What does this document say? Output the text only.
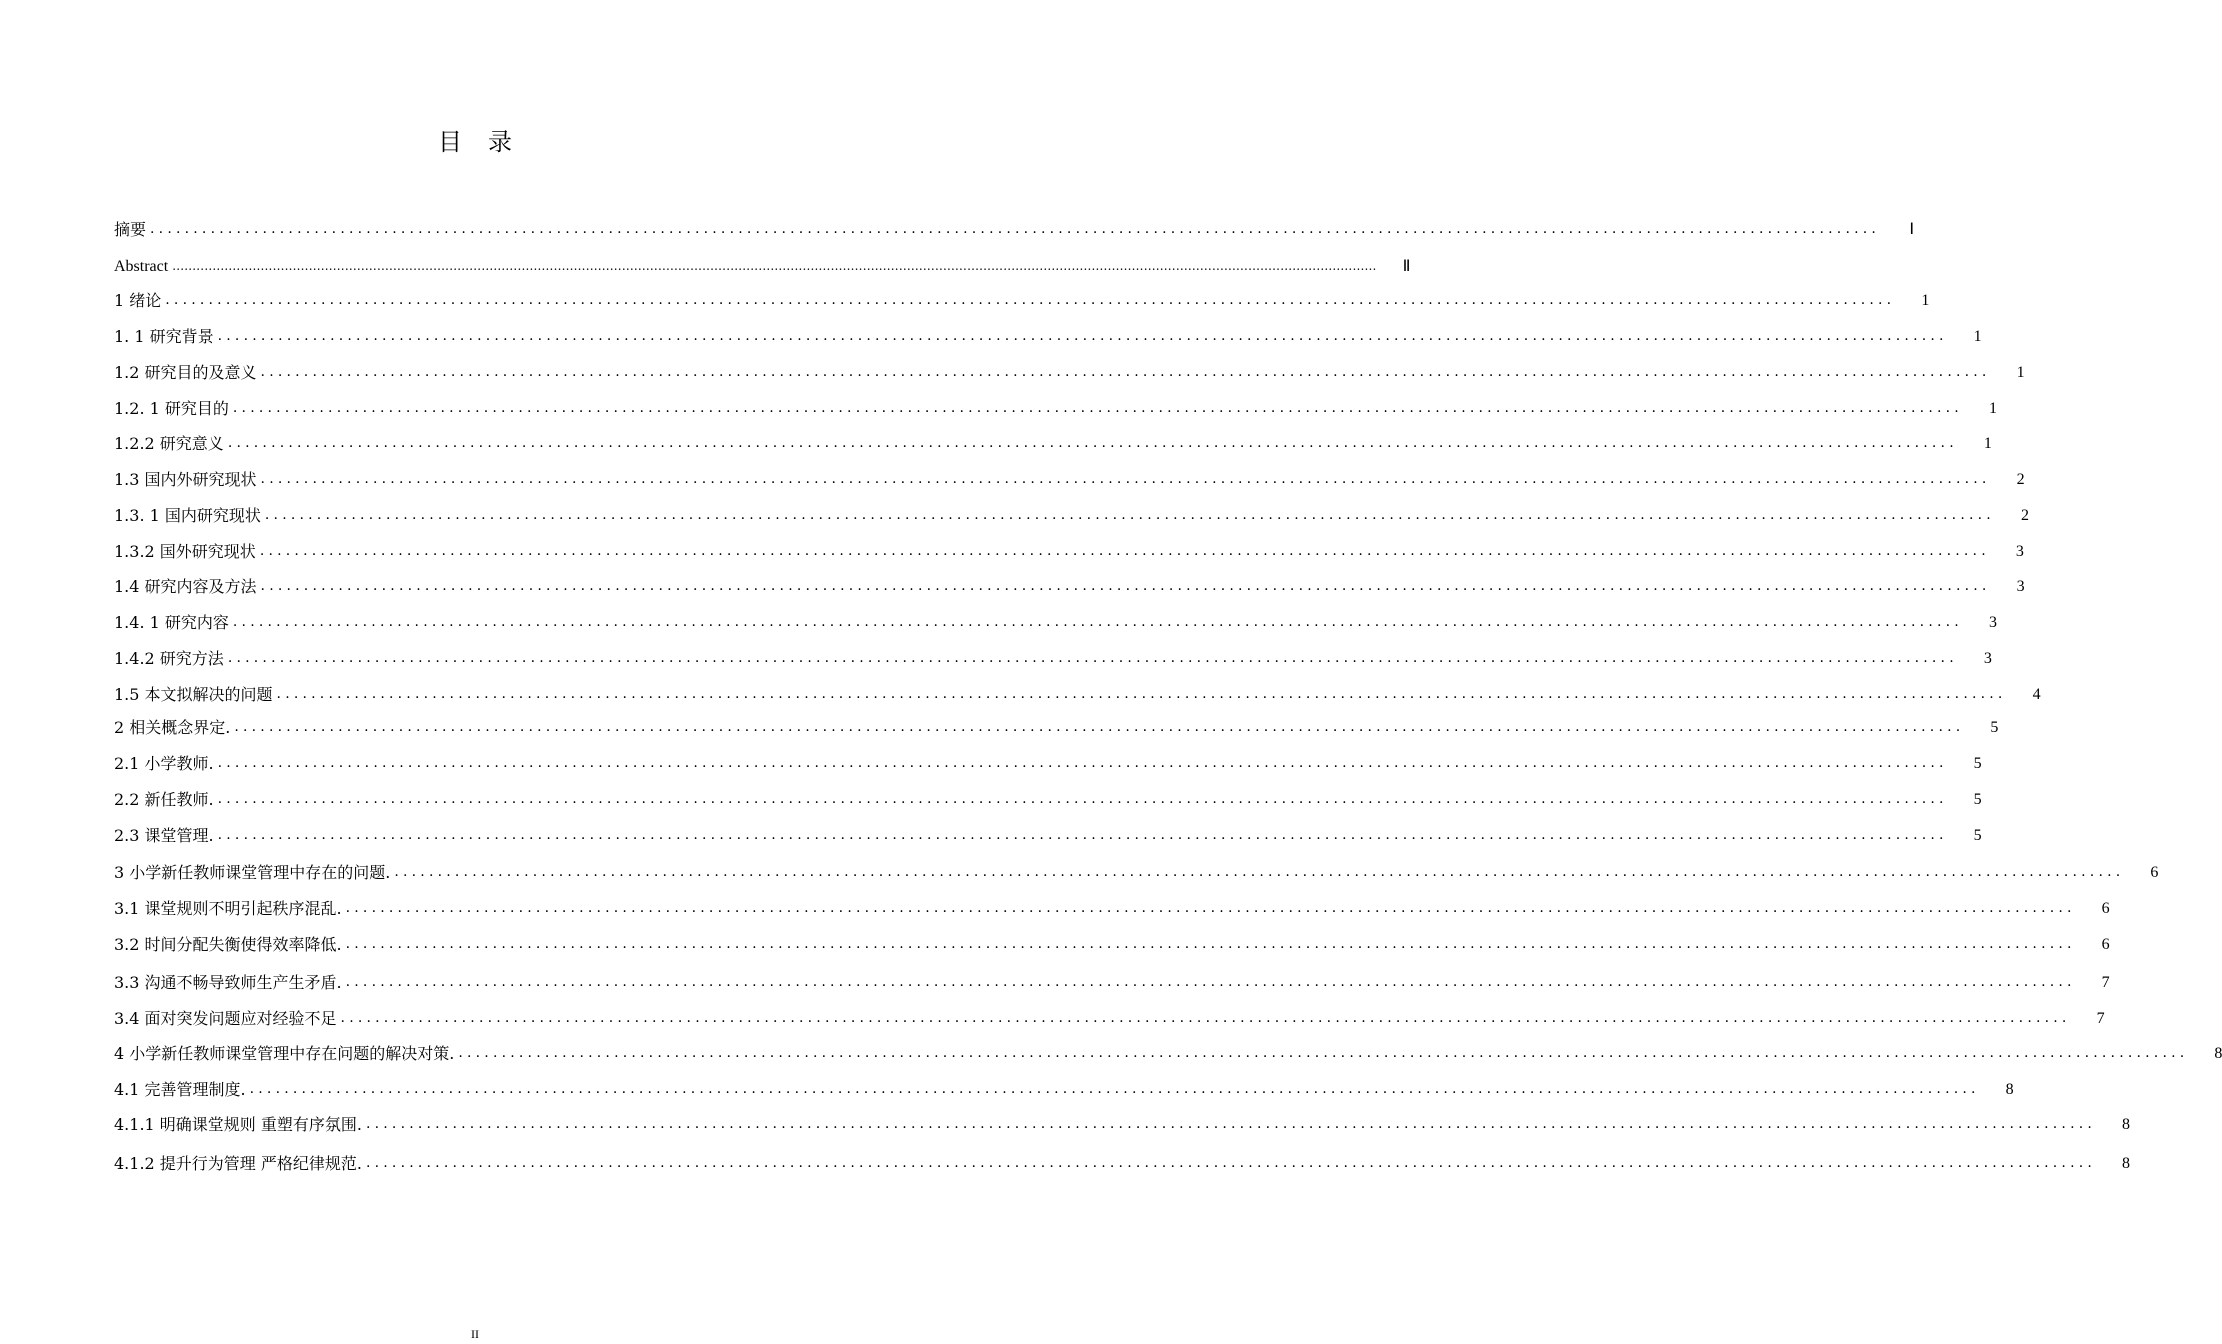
目 录
摘要 ........................................................................................................................................................................................................	Ⅰ
Abstract ............................................................................................................................................................................................................................................................................................................	Ⅱ
1 绪论 ........................................................................................................................................................................................................	1
1. 1 研究背景 ........................................................................................................................................................................................................	1
1.2 研究目的及意义 ........................................................................................................................................................................................................	1
1.2. 1 研究目的 ........................................................................................................................................................................................................	1
1.2.2 研究意义 ........................................................................................................................................................................................................	1
1.3 国内外研究现状 ........................................................................................................................................................................................................	2
1.3. 1 国内研究现状 ........................................................................................................................................................................................................	2
1.3.2 国外研究现状 ........................................................................................................................................................................................................	3
1.4 研究内容及方法 ........................................................................................................................................................................................................	3
1.4. 1 研究内容 ........................................................................................................................................................................................................	3
1.4.2 研究方法 ........................................................................................................................................................................................................	3
1.5 本文拟解决的问题 ........................................................................................................................................................................................................	4
2 相关概念界定. ........................................................................................................................................................................................................	5
2.1 小学教师. ........................................................................................................................................................................................................	5
2.2 新任教师. ........................................................................................................................................................................................................	5
2.3 课堂管理. ........................................................................................................................................................................................................	5
3 小学新任教师课堂管理中存在的问题. ........................................................................................................................................................................................................	6
3.1 课堂规则不明引起秩序混乱. ........................................................................................................................................................................................................	6
3.2 时间分配失衡使得效率降低. ........................................................................................................................................................................................................	6
3.3 沟通不畅导致师生产生矛盾. ........................................................................................................................................................................................................	7
3.4 面对突发问题应对经验不足 ........................................................................................................................................................................................................	7
4 小学新任教师课堂管理中存在问题的解决对策. ........................................................................................................................................................................................................	8
4.1 完善管理制度. ........................................................................................................................................................................................................	8
4.1.1 明确课堂规则 重塑有序氛围. ........................................................................................................................................................................................................	8
4.1.2 提升行为管理 严格纪律规范. ........................................................................................................................................................................................................	8
II
